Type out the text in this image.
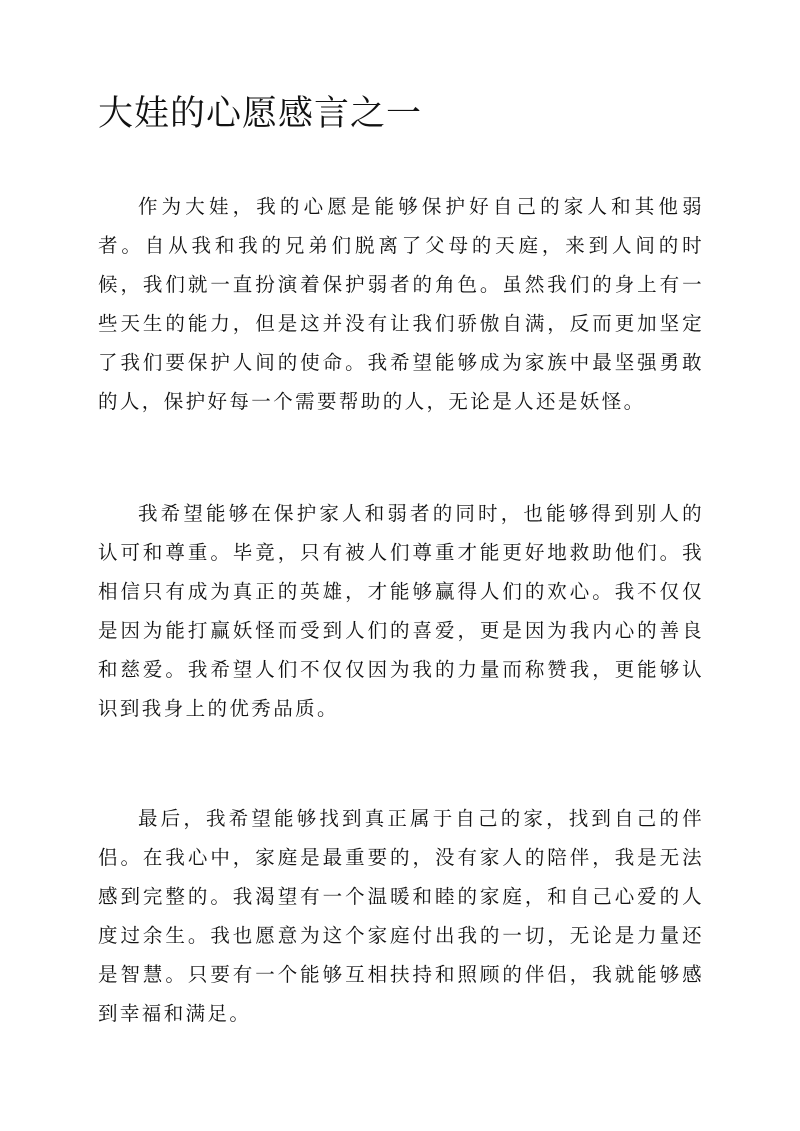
大娃的心愿感言之一

作为大娃，我的心愿是能够保护好自己的家人和其他弱者。自从我和我的兄弟们脱离了父母的天庭，来到人间的时候，我们就一直扮演着保护弱者的角色。虽然我们的身上有一些天生的能力，但是这并没有让我们骄傲自满，反而更加坚定了我们要保护人间的使命。我希望能够成为家族中最坚强勇敢的人，保护好每一个需要帮助的人，无论是人还是妖怪。

我希望能够在保护家人和弱者的同时，也能够得到别人的认可和尊重。毕竟，只有被人们尊重才能更好地救助他们。我相信只有成为真正的英雄，才能够赢得人们的欢心。我不仅仅是因为能打赢妖怪而受到人们的喜爱，更是因为我内心的善良和慈爱。我希望人们不仅仅因为我的力量而称赞我，更能够认识到我身上的优秀品质。

最后，我希望能够找到真正属于自己的家，找到自己的伴侣。在我心中，家庭是最重要的，没有家人的陪伴，我是无法感到完整的。我渴望有一个温暖和睦的家庭，和自己心爱的人度过余生。我也愿意为这个家庭付出我的一切，无论是力量还是智慧。只要有一个能够互相扶持和照顾的伴侣，我就能够感到幸福和满足。
